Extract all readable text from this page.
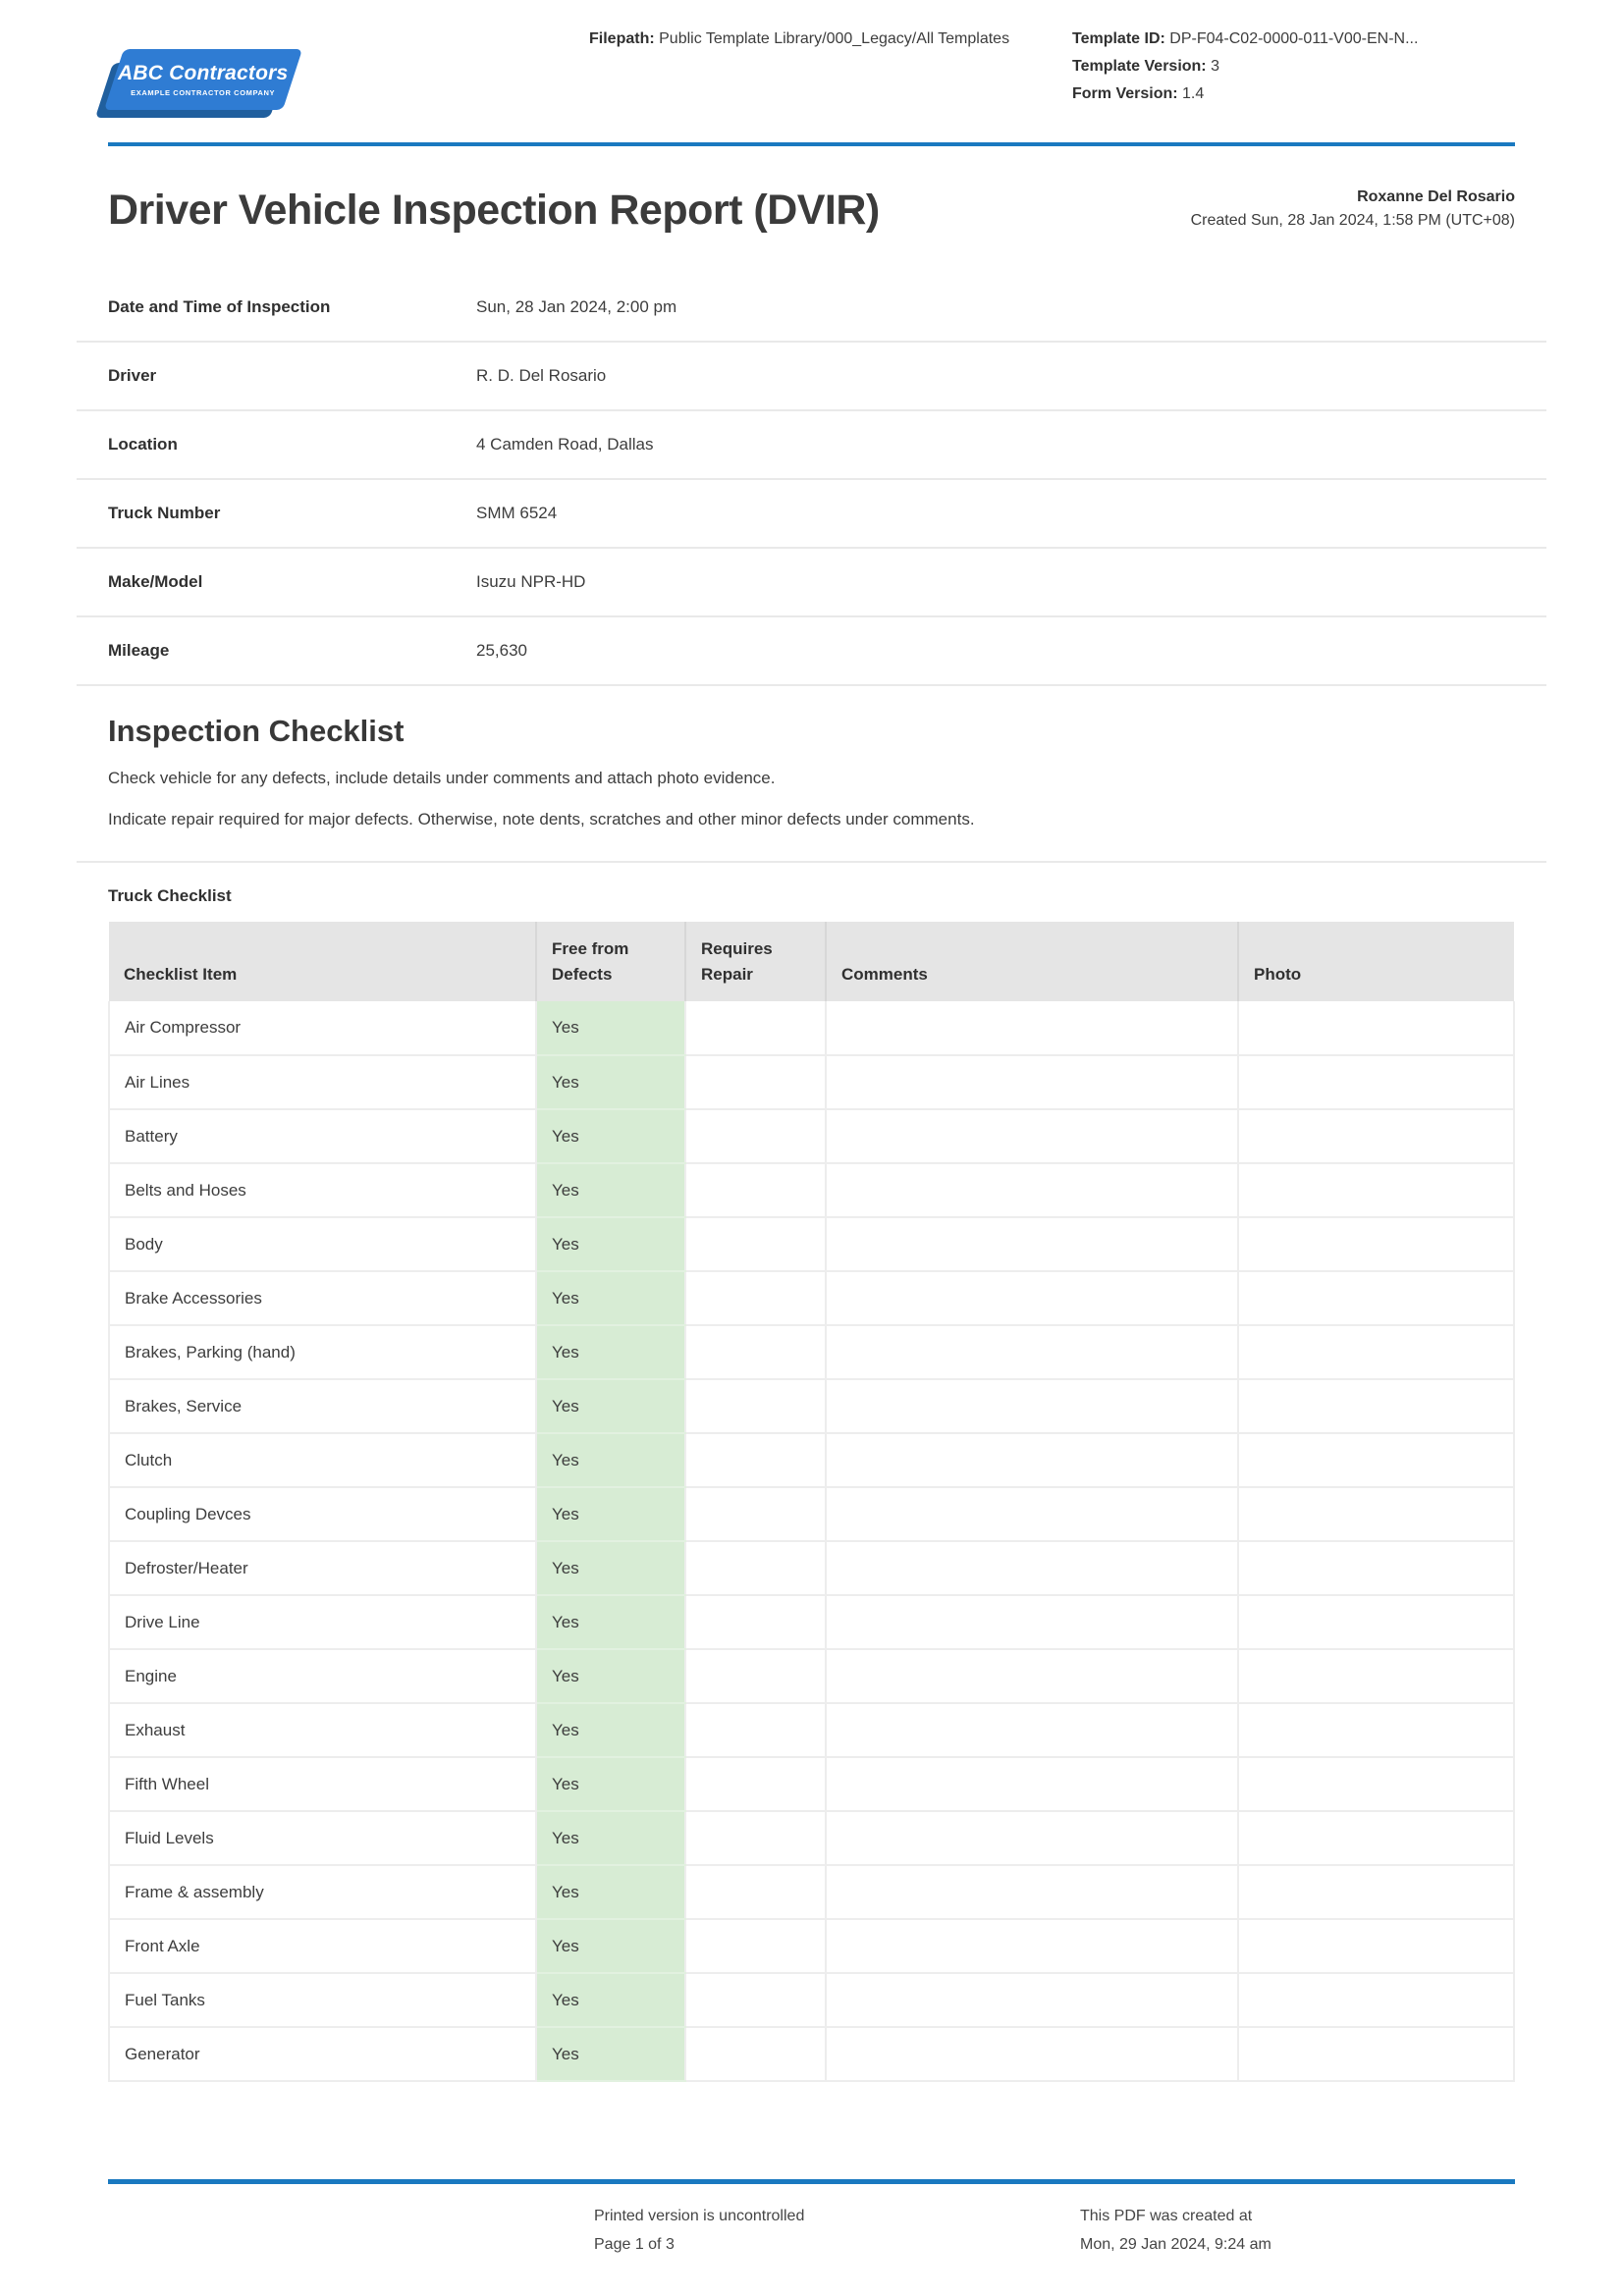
ABC Contractors
EXAMPLE CONTRACTOR COMPANY
Filepath: Public Template Library/000_Legacy/All Templates	Template ID: DP-F04-C02-0000-011-V00-EN-N...
Template Version: 3
Form Version: 1.4
Driver Vehicle Inspection Report (DVIR)	Roxanne Del Rosario
Created Sun, 28 Jan 2024, 1:58 PM (UTC+08)
Date and Time of Inspection	Sun, 28 Jan 2024, 2:00 pm
Driver	R. D. Del Rosario
Location	4 Camden Road, Dallas
Truck Number	SMM 6524
Make/Model	Isuzu NPR-HD
Mileage	25,630
Inspection Checklist

Check vehicle for any defects, include details under comments and attach photo evidence.

Indicate repair required for major defects. Otherwise, note dents, scratches and other minor defects under comments.

Truck Checklist
Checklist Item	Free from Defects	Requires Repair	Comments	Photo
Air Compressor	Yes			
Air Lines	Yes			
Battery	Yes			
Belts and Hoses	Yes			
Body	Yes			
Brake Accessories	Yes			
Brakes, Parking (hand)	Yes			
Brakes, Service	Yes			
Clutch	Yes			
Coupling Devces	Yes			
Defroster/Heater	Yes			
Drive Line	Yes			
Engine	Yes			
Exhaust	Yes			
Fifth Wheel	Yes			
Fluid Levels	Yes			
Frame & assembly	Yes			
Front Axle	Yes			
Fuel Tanks	Yes			
Generator	Yes			
Printed version is uncontrolled
Page 1 of 3
This PDF was created at
Mon, 29 Jan 2024, 9:24 am
